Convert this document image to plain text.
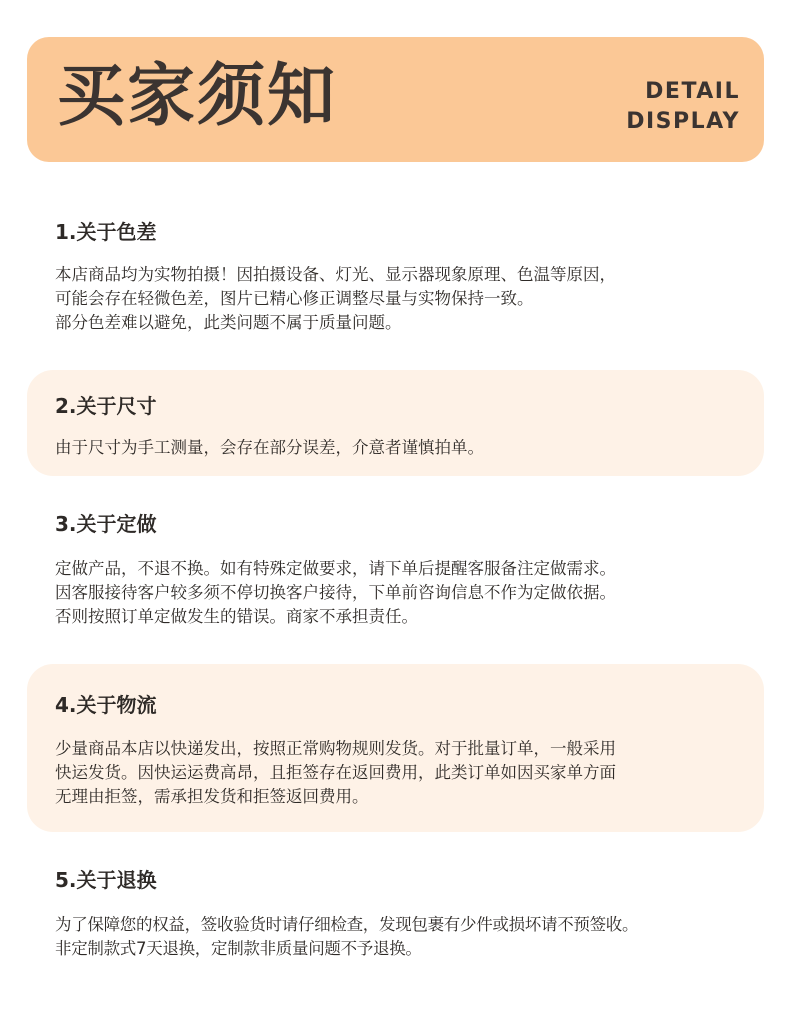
买家须知	DETAIL
DISPLAY
1.关于色差

本店商品均为实物拍摄！因拍摄设备、灯光、显示器现象原理、色温等原因，
可能会存在轻微色差，图片已精心修正调整尽量与实物保持一致。
部分色差难以避免，此类问题不属于质量问题。

2.关于尺寸

由于尺寸为手工测量，会存在部分误差，介意者谨慎拍单。

3.关于定做

定做产品，不退不换。如有特殊定做要求，请下单后提醒客服备注定做需求。
因客服接待客户较多须不停切换客户接待，下单前咨询信息不作为定做依据。
否则按照订单定做发生的错误。商家不承担责任。

4.关于物流

少量商品本店以快递发出，按照正常购物规则发货。对于批量订单，一般采用
快运发货。因快运运费高昂，且拒签存在返回费用，此类订单如因买家单方面
无理由拒签，需承担发货和拒签返回费用。

5.关于退换

为了保障您的权益，签收验货时请仔细检查，发现包裹有少件或损坏请不预签收。
非定制款式7天退换，定制款非质量问题不予退换。
